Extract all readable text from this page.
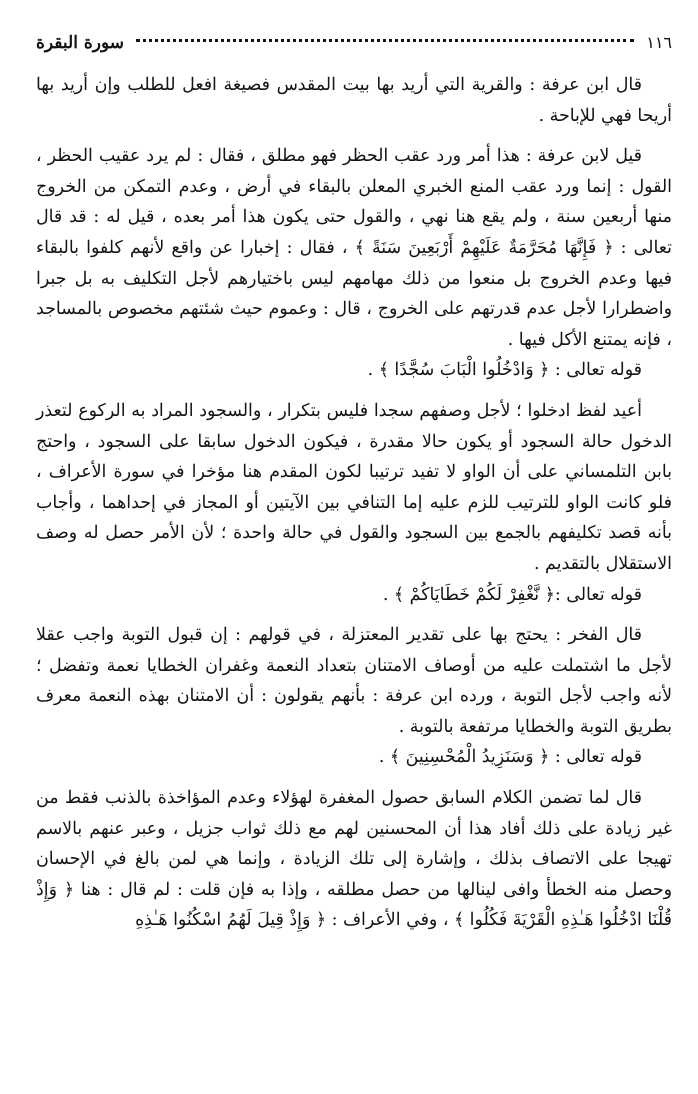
١١٦
سورة البقرة

قال ابن عرفة : والقرية التي أريد بها بيت المقدس فصيغة افعل للطلب وإن أريد بها أريحا فهي للإباحة .

قيل لابن عرفة : هذا أمر ورد عقب الحظر فهو مطلق ، فقال : لم يرد عقيب الحظر ، القول : إنما ورد عقب المنع الخبري المعلن بالبقاء في أرض ، وعدم التمكن من الخروج منها أربعين سنة ، ولم يقع هنا نهي ، والقول حتى يكون هذا أمر بعده ، قيل له : قد قال تعالى : ﴿ فَإِنَّهَا مُحَرَّمَةٌ عَلَيْهِمْ أَرْبَعِينَ سَنَةً ﴾ ، فقال : إخبارا عن واقع لأنهم كلفوا بالبقاء فيها وعدم الخروج بل منعوا من ذلك مهامهم ليس باختيارهم لأجل التكليف به بل جبرا واضطرارا لأجل عدم قدرتهم على الخروج ، قال : وعموم حيث شئتهم مخصوص بالمساجد ، فإنه يمتنع الأكل فيها .

قوله تعالى : ﴿ وَادْخُلُوا الْبَابَ سُجَّدًا ﴾ .

أعيد لفظ ادخلوا ؛ لأجل وصفهم سجدا فليس بتكرار ، والسجود المراد به الركوع لتعذر الدخول حالة السجود أو يكون حالا مقدرة ، فيكون الدخول سابقا على السجود ، واحتج بابن التلمساني على أن الواو لا تفيد ترتيبا لكون المقدم هنا مؤخرا في سورة الأعراف ، فلو كانت الواو للترتيب للزم عليه إما التنافي بين الآيتين أو المجاز في إحداهما ، وأجاب بأنه قصد تكليفهم بالجمع بين السجود والقول في حالة واحدة ؛ لأن الأمر حصل له وصف الاستقلال بالتقديم .

قوله تعالى :﴿ نَّغْفِرْ لَكُمْ خَطَايَاكُمْ ﴾ .

قال الفخر : يحتج بها على تقدير المعتزلة ، في قولهم : إن قبول التوبة واجب عقلا لأجل ما اشتملت عليه من أوصاف الامتنان بتعداد النعمة وغفران الخطايا نعمة وتفضل ؛ لأنه واجب لأجل التوبة ، ورده ابن عرفة : بأنهم يقولون : أن الامتنان بهذه النعمة معرف بطريق التوبة والخطايا مرتفعة بالتوبة .

قوله تعالى : ﴿ وَسَنَزِيدُ الْمُحْسِنِينَ ﴾ .

قال لما تضمن الكلام السابق حصول المغفرة لهؤلاء وعدم المؤاخذة بالذنب فقط من غير زيادة على ذلك أفاد هذا أن المحسنين لهم مع ذلك ثواب جزيل ، وعبر عنهم بالاسم تهيجا على الاتصاف بذلك ، وإشارة إلى تلك الزيادة ، وإنما هي لمن بالغ في الإحسان وحصل منه الخطأ وافى لينالها من حصل مطلقه ، وإذا به فإن قلت : لم قال : هنا ﴿ وَإِذْ قُلْنَا ادْخُلُوا هَـٰذِهِ الْقَرْيَةَ فَكُلُوا ﴾ ، وفي الأعراف : ﴿ وَإِذْ قِيلَ لَهُمُ اسْكُنُوا هَـٰذِهِ
